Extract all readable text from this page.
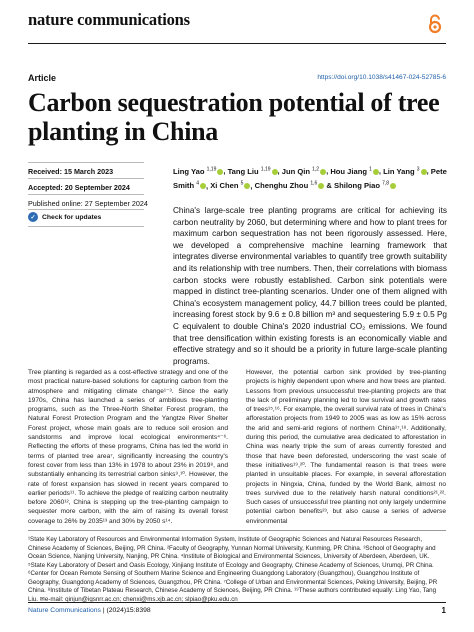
nature communications
Article	https://doi.org/10.1038/s41467-024-52785-6
Carbon sequestration potential of tree planting in China
Received: 15 March 2023
Accepted: 20 September 2024
Published online: 27 September 2024
✓ Check for updates
Ling Yao $^{1,19}$ , Tang Liu $^{1,19}$ , Jun Qin $^{1,2}$ , Hou Jiang $^1$ , Lin Yang $^3$ , Pete Smith $^4$ , Xi Chen $^5$ , Chenghu Zhou $^{1,6}$ & Shilong Piao $^{7,8}$
China's large-scale tree planting programs are critical for achieving its carbon neutrality by 2060, but determining where and how to plant trees for maximum carbon sequestration has not been rigorously assessed. Here, we developed a comprehensive machine learning framework that integrates diverse environmental variables to quantify tree growth suitability and its relationship with tree numbers. Then, their correlations with biomass carbon stocks were robustly established. Carbon sink potentials were mapped in distinct tree-planting scenarios. Under one of them aligned with China's ecosystem management policy, 44.7 billion trees could be planted, increasing forest stock by 9.6 ± 0.8 billion m³ and sequestering 5.9 ± 0.5 Pg C equivalent to double China's 2020 industrial CO₂ emissions. We found that tree densification within existing forests is an economically viable and effective strategy and so it should be a priority in future large-scale planting programs.
Tree planting is regarded as a cost-effective strategy and one of the most practical nature-based solutions for capturing carbon from the atmosphere and mitigating climate change¹⁻³. Since the early 1970s, China has launched a series of ambitious tree-planting programs, such as the Three-North Shelter Forest program, the Natural Forest Protection Program and the Yangtze River Shelter Forest project, whose main goals are to reduce soil erosion and sandstorms and improve local ecological environments⁴⁻⁶. Reflecting the efforts of these programs, China has led the world in terms of planted tree area⁷, significantly increasing the country's forest cover from less than 13% in 1978 to about 23% in 2019⁸, and substantially enhancing its terrestrial carbon sinks⁹,¹⁰. However, the rate of forest expansion has slowed in recent years compared to earlier periods¹¹. To achieve the pledge of realizing carbon neutrality before 2060¹², China is stepping up the tree-planting campaign to sequester more carbon, with the aim of raising its overall forest coverage to 26% by 2035¹³ and 30% by 2050 s¹⁴.
However, the potential carbon sink provided by tree-planting projects is highly dependent upon where and how trees are planted. Lessons from previous unsuccessful tree-planting projects are that the lack of preliminary planning led to low survival and growth rates of trees¹⁵,¹⁶. For example, the overall survival rate of trees in China's afforestation projects from 1949 to 2005 was as low as 15% across the arid and semi-arid regions of northern China¹⁷,¹⁸. Additionally, during this period, the cumulative area dedicated to afforestation in China was nearly triple the sum of areas currently forested and those that have been deforested, underscoring the vast scale of these initiatives¹⁹,²⁰. The fundamental reason is that trees were planted in unsuitable places. For example, in several afforestation projects in Ningxia, China, funded by the World Bank, almost no trees survived due to the relatively harsh natural conditions²¹,²². Such cases of unsuccessful tree planting not only largely undermine potential carbon benefits²³, but also cause a series of adverse environmental
¹State Key Laboratory of Resources and Environmental Information System, Institute of Geographic Sciences and Natural Resources Research, Chinese Academy of Sciences, Beijing, PR China. ²Faculty of Geography, Yunnan Normal University, Kunming, PR China. ³School of Geography and Ocean Science, Nanjing University, Nanjing, PR China. ⁴Institute of Biological and Environmental Sciences, University of Aberdeen, Aberdeen, UK. ⁵State Key Laboratory of Desert and Oasis Ecology, Xinjiang Institute of Ecology and Geography, Chinese Academy of Sciences, Urumqi, PR China. ⁶Center for Ocean Remote Sensing of Southern Marine Science and Engineering Guangdong Laboratory (Guangzhou), Guangzhou Institute of Geography, Guangdong Academy of Sciences, Guangzhou, PR China. ⁷College of Urban and Environmental Sciences, Peking University, Beijing, PR China. ⁸Institute of Tibetan Plateau Research, Chinese Academy of Sciences, Beijing, PR China. ¹⁹These authors contributed equally: Ling Yao, Tang Liu. ✉e-mail: qinjun@igsnrr.ac.cn; chenxi@ms.xjb.ac.cn; slpiao@pku.edu.cn
Nature Communications | (2024)15:8398	1
